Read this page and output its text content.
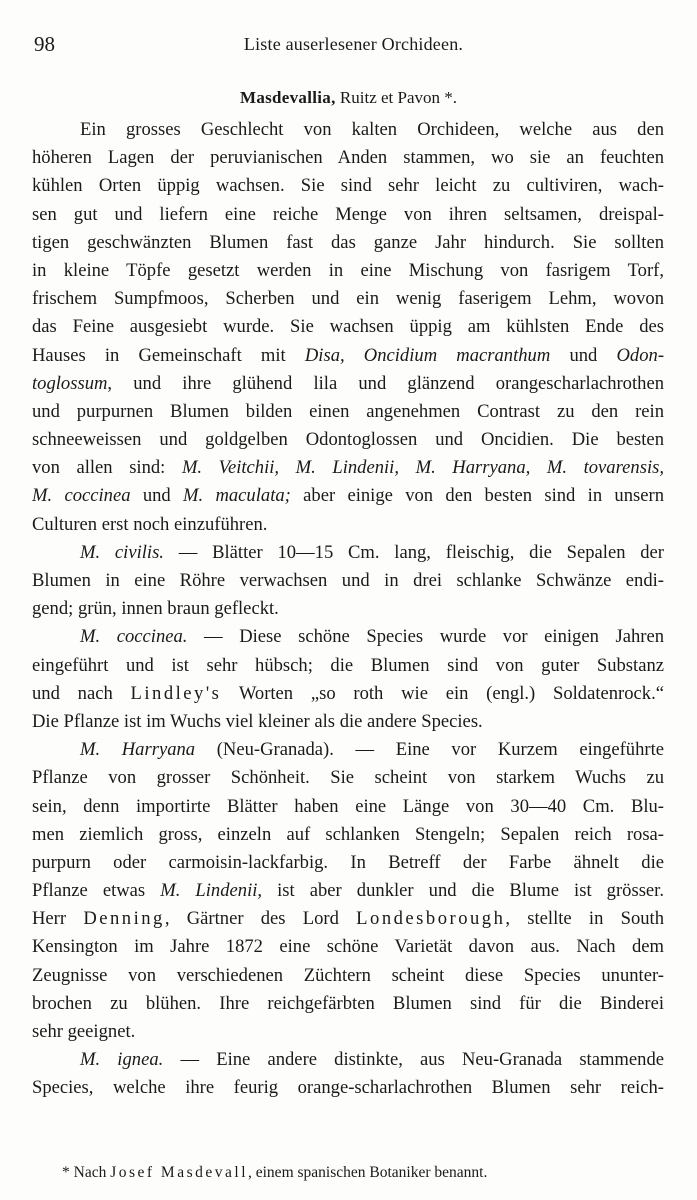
98	Liste auserlesener Orchideen.
Masdevallia, Ruitz et Pavon *.
Ein grosses Geschlecht von kalten Orchideen, welche aus den
höheren Lagen der peruvianischen Anden stammen, wo sie an feuchten
kühlen Orten üppig wachsen. Sie sind sehr leicht zu cultiviren, wach-
sen gut und liefern eine reiche Menge von ihren seltsamen, dreispal-
tigen geschwänzten Blumen fast das ganze Jahr hindurch. Sie sollten
in kleine Töpfe gesetzt werden in eine Mischung von fasrigem Torf,
frischem Sumpfmoos, Scherben und ein wenig faserigem Lehm, wovon
das Feine ausgesiebt wurde. Sie wachsen üppig am kühlsten Ende des
Hauses in Gemeinschaft mit Disa, Oncidium macranthum und Odon-
toglossum, und ihre glühend lila und glänzend orangescharlachrothen
und purpurnen Blumen bilden einen angenehmen Contrast zu den rein
schneeweissen und goldgelben Odontoglossen und Oncidien. Die besten
von allen sind: M. Veitchii, M. Lindenii, M. Harryana, M. tovarensis,
M. coccinea und M. maculata; aber einige von den besten sind in unsern
Culturen erst noch einzuführen.
M. civilis. — Blätter 10—15 Cm. lang, fleischig, die Sepalen der
Blumen in eine Röhre verwachsen und in drei schlanke Schwänze endi-
gend; grün, innen braun gefleckt.
M. coccinea. — Diese schöne Species wurde vor einigen Jahren
eingeführt und ist sehr hübsch; die Blumen sind von guter Substanz
und nach Lindley's Worten „so roth wie ein (engl.) Soldatenrock.“
Die Pflanze ist im Wuchs viel kleiner als die andere Species.
M. Harryana (Neu-Granada). — Eine vor Kurzem eingeführte
Pflanze von grosser Schönheit. Sie scheint von starkem Wuchs zu
sein, denn importirte Blätter haben eine Länge von 30—40 Cm. Blu-
men ziemlich gross, einzeln auf schlanken Stengeln; Sepalen reich rosa-
purpurn oder carmoisin-lackfarbig. In Betreff der Farbe ähnelt die
Pflanze etwas M. Lindenii, ist aber dunkler und die Blume ist grösser.
Herr Denning, Gärtner des Lord Londesborough, stellte in South
Kensington im Jahre 1872 eine schöne Varietät davon aus. Nach dem
Zeugnisse von verschiedenen Züchtern scheint diese Species ununter-
brochen zu blühen. Ihre reichgefärbten Blumen sind für die Binderei
sehr geeignet.
M. ignea. — Eine andere distinkte, aus Neu-Granada stammende
Species, welche ihre feurig orange-scharlachrothen Blumen sehr reich-
* Nach Josef Masdevall, einem spanischen Botaniker benannt.
